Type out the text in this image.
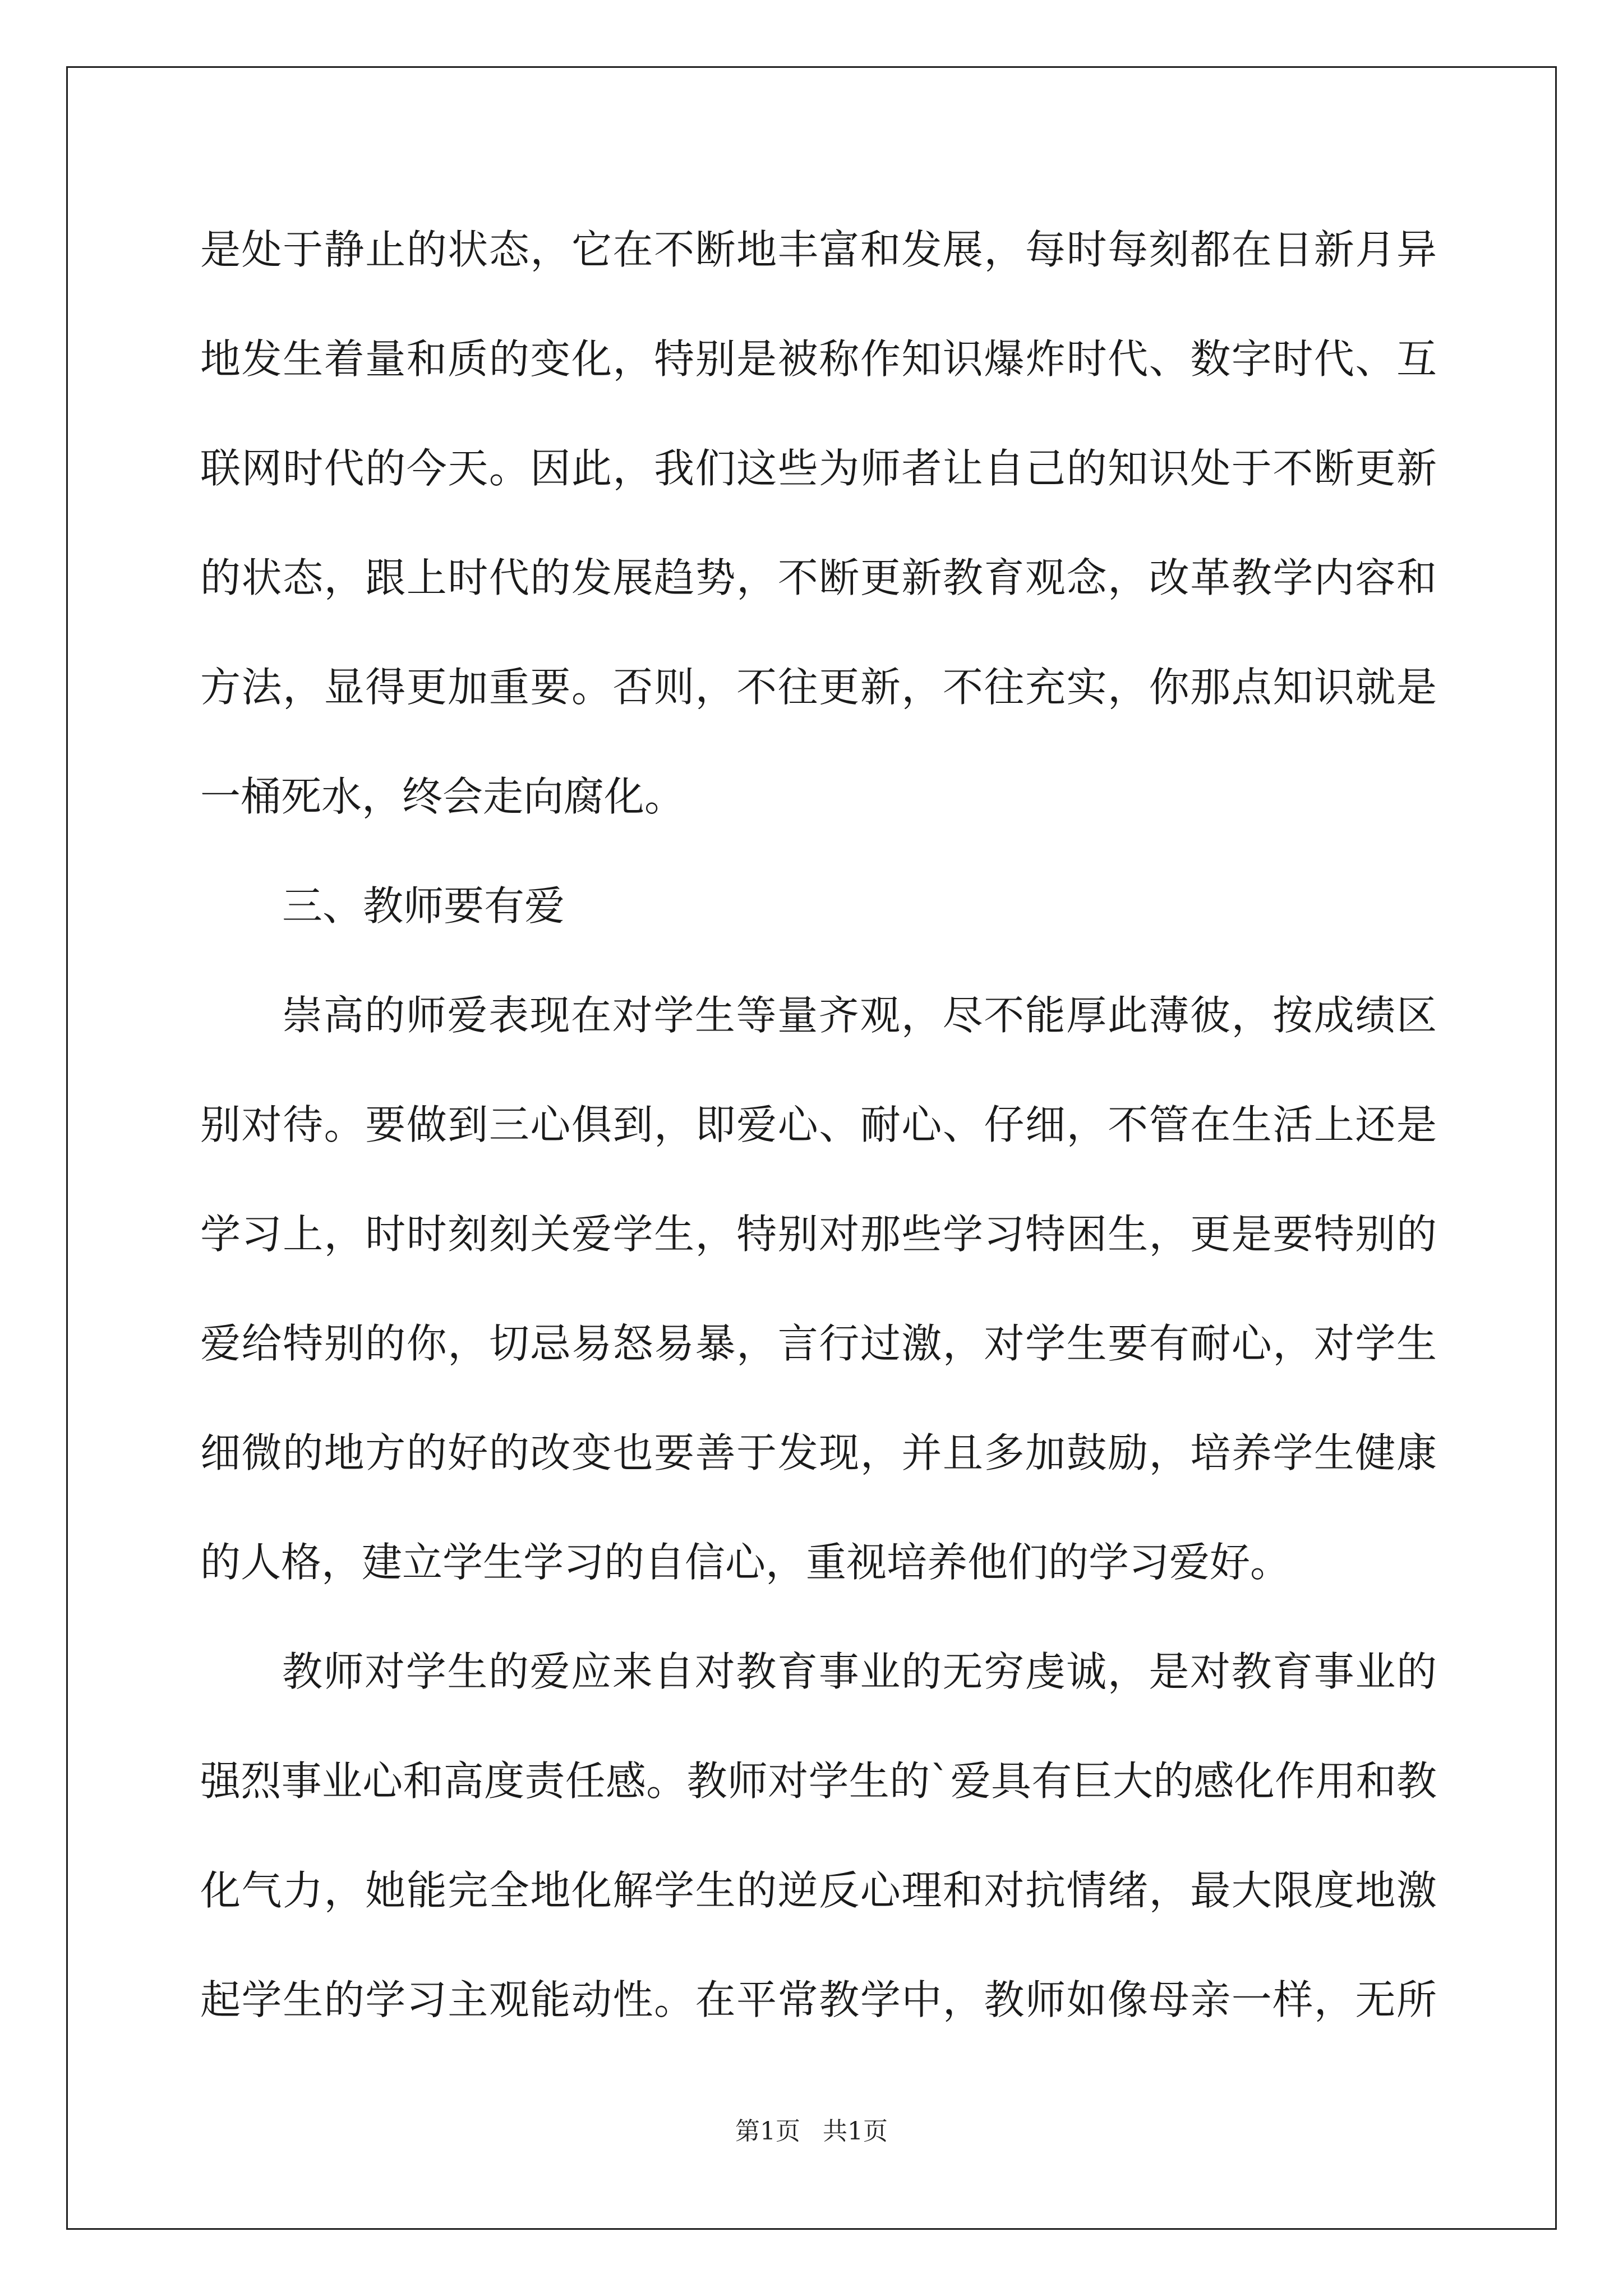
是处于静止的状态，它在不断地丰富和发展，每时每刻都在日新月异
地发生着量和质的变化，特别是被称作知识爆炸时代、数字时代、互
联网时代的今天。因此，我们这些为师者让自己的知识处于不断更新
的状态，跟上时代的发展趋势，不断更新教育观念，改革教学内容和
方法，显得更加重要。否则，不往更新，不往充实，你那点知识就是
一桶死水，终会走向腐化。
三、教师要有爱
崇高的师爱表现在对学生等量齐观，尽不能厚此薄彼，按成绩区
别对待。要做到三心俱到，即爱心、耐心、仔细，不管在生活上还是
学习上，时时刻刻关爱学生，特别对那些学习特困生，更是要特别的
爱给特别的你，切忌易怒易暴，言行过激，对学生要有耐心，对学生
细微的地方的好的改变也要善于发现，并且多加鼓励，培养学生健康
的人格，建立学生学习的自信心，重视培养他们的学习爱好。
教师对学生的爱应来自对教育事业的无穷虔诚，是对教育事业的
强烈事业心和高度责任感。教师对学生的`爱具有巨大的感化作用和教
化气力，她能完全地化解学生的逆反心理和对抗情绪，最大限度地激
起学生的学习主观能动性。在平常教学中，教师如像母亲一样，无所
第1页 共1页
